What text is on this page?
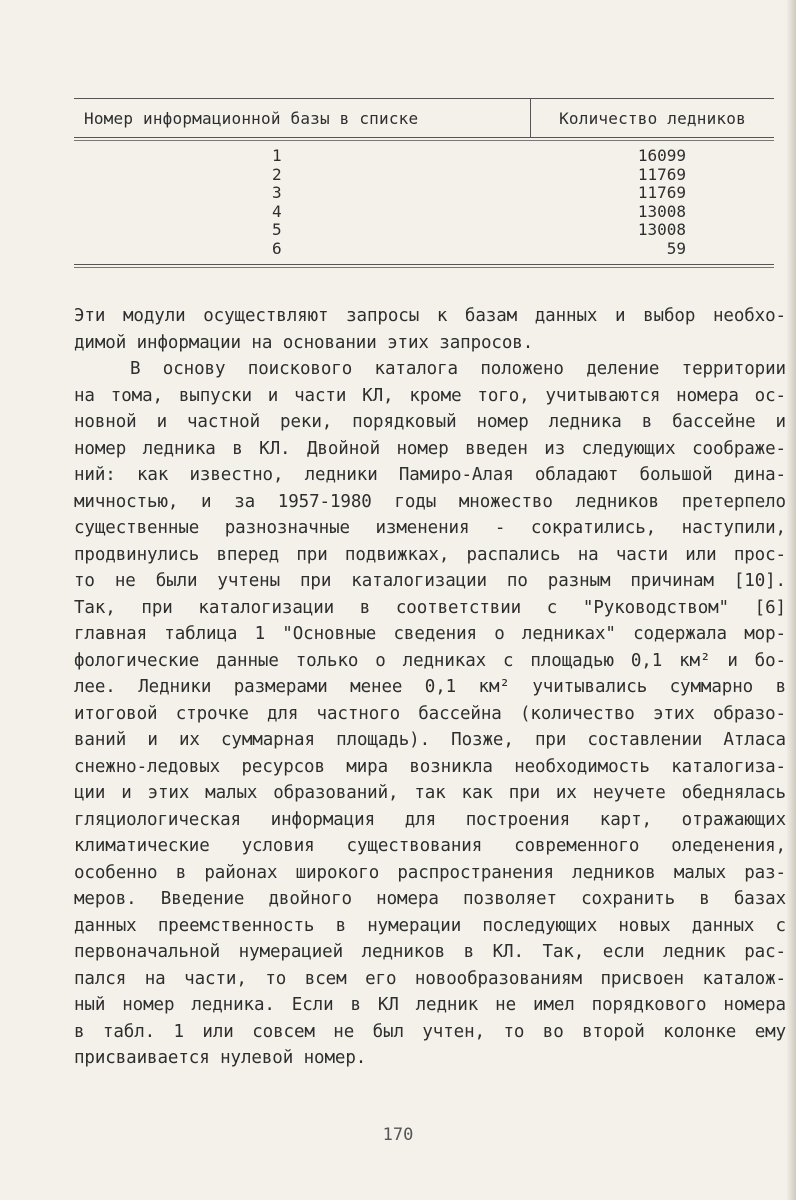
Номер информационной базы в списке	Количество ледников
1
2
3
4
5
6
16099
11769
11769
13008
13008
59
Эти модули осуществляют запросы к базам данных и выбор необхо-
димой информации на основании этих запросов.
В основу поискового каталога положено деление территории
на тома, выпуски и части КЛ, кроме того, учитываются номера ос-
новной и частной реки, порядковый номер ледника в бассейне и
номер ледника в КЛ. Двойной номер введен из следующих соображе-
ний: как известно, ледники Памиро-Алая обладают большой дина-
мичностью, и за 1957-1980 годы множество ледников претерпело
существенные разнозначные изменения - сократились, наступили,
продвинулись вперед при подвижках, распались на части или прос-
то не были учтены при каталогизации по разным причинам [10].
Так, при каталогизации в соответствии с "Руководством" [6]
главная таблица 1 "Основные сведения о ледниках" содержала мор-
фологические данные только о ледниках с площадью 0,1 км² и бо-
лее. Ледники размерами менее 0,1 км² учитывались суммарно в
итоговой строчке для частного бассейна (количество этих образо-
ваний и их суммарная площадь). Позже, при составлении Атласа
снежно-ледовых ресурсов мира возникла необходимость каталогиза-
ции и этих малых образований, так как при их неучете обеднялась
гляциологическая информация для построения карт, отражающих
климатические условия существования современного оледенения,
особенно в районах широкого распространения ледников малых раз-
меров. Введение двойного номера позволяет сохранить в базах
данных преемственность в нумерации последующих новых данных с
первоначальной нумерацией ледников в КЛ. Так, если ледник рас-
пался на части, то всем его новообразованиям присвоен каталож-
ный номер ледника. Если в КЛ ледник не имел порядкового номера
в табл. 1 или совсем не был учтен, то во второй колонке ему
присваивается нулевой номер.
170
